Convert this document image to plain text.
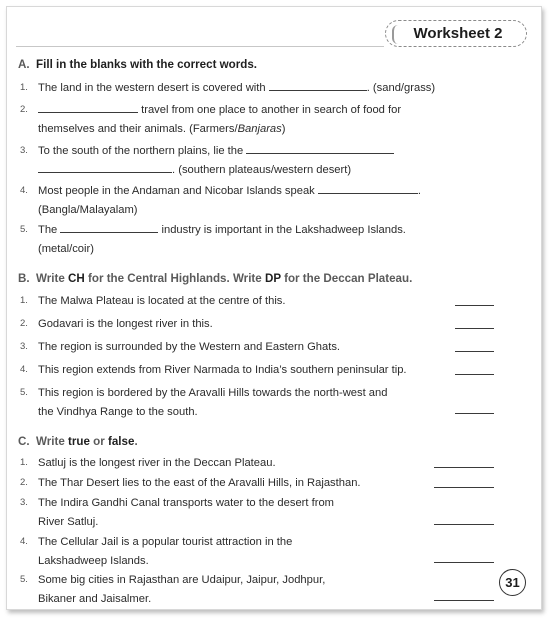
Worksheet 2
A. Fill in the blanks with the correct words.
1. The land in the western desert is covered with	. (sand/grass)
2.	travel from one place to another in search of food for
themselves and their animals. (Farmers/Banjaras)
3. To the south of the northern plains, lie the
. (southern plateaus/western desert)
4. Most people in the Andaman and Nicobar Islands speak	.
(Bangla/Malayalam)
5. The	industry is important in the Lakshadweep Islands.
(metal/coir)
B. Write CH for the Central Highlands. Write DP for the Deccan Plateau.
1. The Malwa Plateau is located at the centre of this.
2. Godavari is the longest river in this.
3. The region is surrounded by the Western and Eastern Ghats.
4. This region extends from River Narmada to India’s southern peninsular tip.
5. This region is bordered by the Aravalli Hills towards the north-west and
the Vindhya Range to the south.
C. Write true or false.
1. Satluj is the longest river in the Deccan Plateau.
2. The Thar Desert lies to the east of the Aravalli Hills, in Rajasthan.
3. The Indira Gandhi Canal transports water to the desert from
River Satluj.
4. The Cellular Jail is a popular tourist attraction in the
Lakshadweep Islands.
5. Some big cities in Rajasthan are Udaipur, Jaipur, Jodhpur,
Bikaner and Jaisalmer.
31
